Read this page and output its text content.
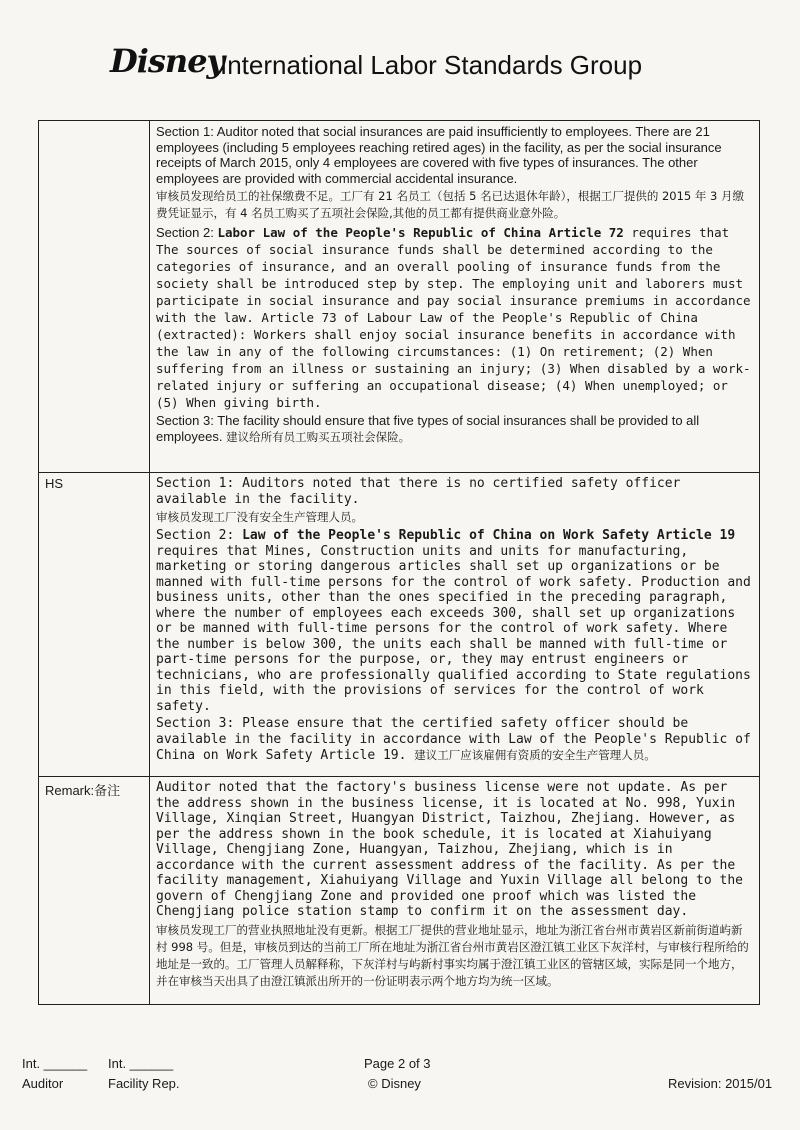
Disney
International Labor Standards Group

	Section 1: Auditor noted that social insurances are paid insufficiently to employees. There are 21 employees (including 5 employees reaching retired ages) in the facility, as per the social insurance receipts of March 2015, only 4 employees are covered with five types of insurances. The other employees are provided with commercial accidental insurance.

审核员发现给员工的社保缴费不足。工厂有 21 名员工（包括 5 名已达退休年龄），根据工厂提供的 2015 年 3 月缴费凭证显示，有 4 名员工购买了五项社会保险,其他的员工都有提供商业意外险。

Section 2: Labor Law of the People's Republic of China Article 72 requires that The sources of social insurance funds shall be determined according to the categories of insurance, and an overall pooling of insurance funds from the society shall be introduced step by step. The employing unit and laborers must participate in social insurance and pay social insurance premiums in accordance with the law. Article 73 of Labour Law of the People's Republic of China (extracted): Workers shall enjoy social insurance benefits in accordance with the law in any of the following circumstances: (1) On retirement; (2) When suffering from an illness or sustaining an injury; (3) When disabled by a work-related injury or suffering an occupational disease; (4) When unemployed; or (5) When giving birth.

Section 3: The facility should ensure that five types of social insurances shall be provided to all employees. 建议给所有员工购买五项社会保险。

HS	Section 1: Auditors noted that there is no certified safety officer available in the facility.

审核员发现工厂没有安全生产管理人员。

Section 2: Law of the People's Republic of China on Work Safety Article 19 requires that Mines, Construction units and units for manufacturing, marketing or storing dangerous articles shall set up organizations or be manned with full-time persons for the control of work safety. Production and business units, other than the ones specified in the preceding paragraph, where the number of employees each exceeds 300, shall set up organizations or be manned with full-time persons for the control of work safety. Where the number is below 300, the units each shall be manned with full-time or part-time persons for the purpose, or, they may entrust engineers or technicians, who are professionally qualified according to State regulations in this field, with the provisions of services for the control of work safety.

Section 3: Please ensure that the certified safety officer should be available in the facility in accordance with Law of the People's Republic of China on Work Safety Article 19. 建议工厂应该雇佣有资质的安全生产管理人员。

Remark:备注	Auditor noted that the factory's business license were not update. As per the address shown in the business license, it is located at No. 998, Yuxin Village, Xinqian Street, Huangyan District, Taizhou, Zhejiang. However, as per the address shown in the book schedule, it is located at Xiahuiyang Village, Chengjiang Zone, Huangyan, Taizhou, Zhejiang, which is in accordance with the current assessment address of the facility. As per the facility management, Xiahuiyang Village and Yuxin Village all belong to the govern of Chengjiang Zone and provided one proof which was listed the Chengjiang police station stamp to confirm it on the assessment day.

审核员发现工厂的营业执照地址没有更新。根据工厂提供的营业地址显示，地址为浙江省台州市黄岩区新前街道屿新村 998 号。但是，审核员到达的当前工厂所在地址为浙江省台州市黄岩区澄江镇工业区下灰洋村，与审核行程所给的地址是一致的。工厂管理人员解释称，下灰洋村与屿新村事实均属于澄江镇工业区的管辖区域，实际是同一个地方，并在审核当天出具了由澄江镇派出所开的一份证明表示两个地方均为统一区域。

Int. ______
Auditor
Int. ______
Facility Rep.
Page 2 of 3
© Disney	Revision: 2015/01
